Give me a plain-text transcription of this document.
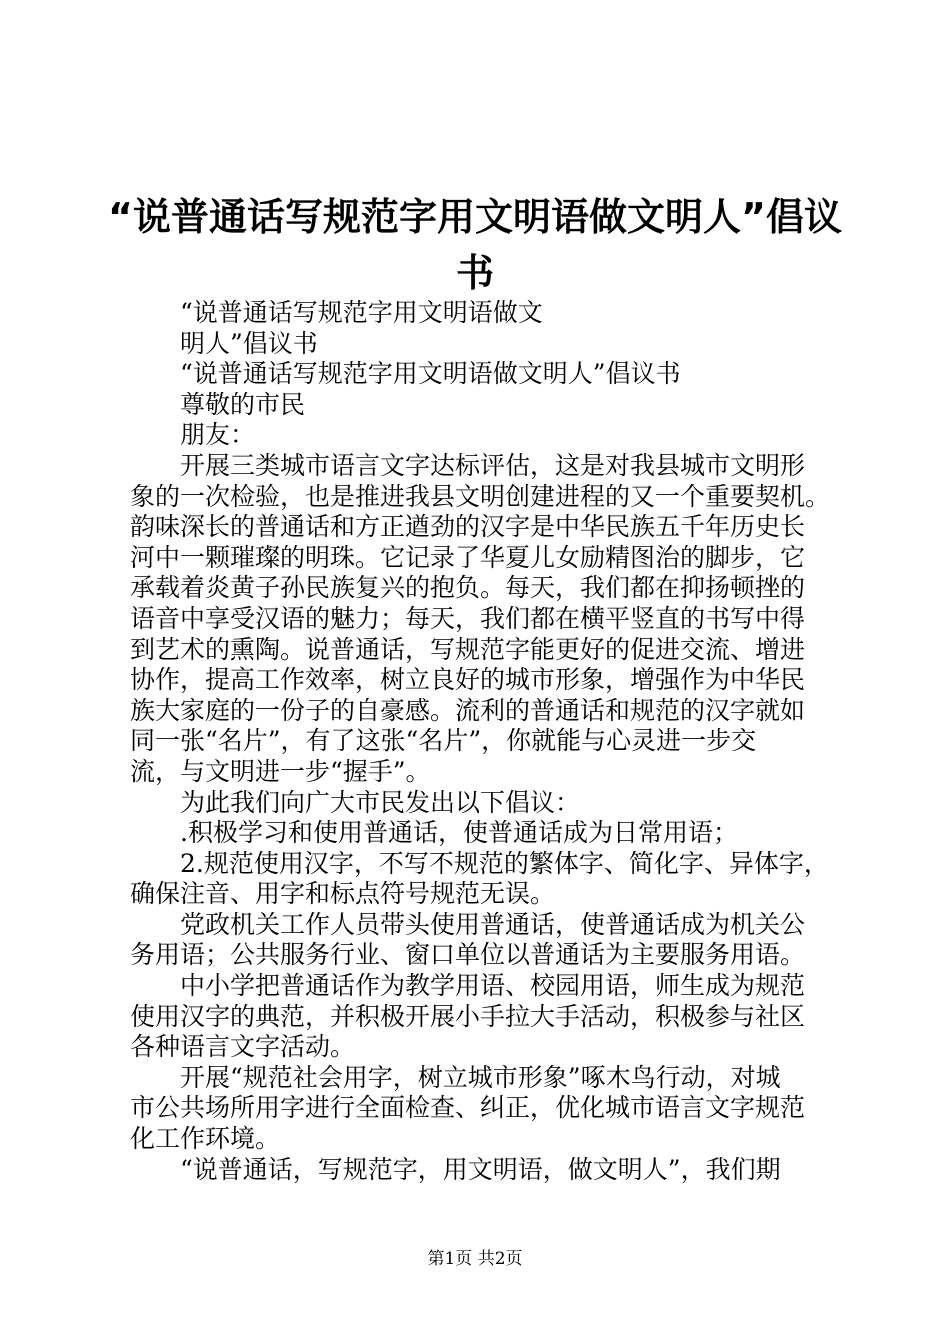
“说普通话写规范字用文明语做文明人”倡议
书
“说普通话写规范字用文明语做文
明人”倡议书
“说普通话写规范字用文明语做文明人”倡议书
尊敬的市民
朋友：
开展三类城市语言文字达标评估，这是对我县城市文明形
象的一次检验，也是推进我县文明创建进程的又一个重要契机。
韵味深长的普通话和方正遒劲的汉字是中华民族五千年历史长
河中一颗璀璨的明珠。它记录了华夏儿女励精图治的脚步，它
承载着炎黄子孙民族复兴的抱负。每天，我们都在抑扬顿挫的
语音中享受汉语的魅力；每天，我们都在横平竖直的书写中得
到艺术的熏陶。说普通话，写规范字能更好的促进交流、增进
协作，提高工作效率，树立良好的城市形象，增强作为中华民
族大家庭的一份子的自豪感。流利的普通话和规范的汉字就如
同一张“名片”，有了这张“名片”，你就能与心灵进一步交
流，与文明进一步“握手”。
为此我们向广大市民发出以下倡议：
.积极学习和使用普通话，使普通话成为日常用语；
2.规范使用汉字，不写不规范的繁体字、简化字、异体字，
确保注音、用字和标点符号规范无误。
党政机关工作人员带头使用普通话，使普通话成为机关公
务用语；公共服务行业、窗口单位以普通话为主要服务用语。
中小学把普通话作为教学用语、校园用语，师生成为规范
使用汉字的典范，并积极开展小手拉大手活动，积极参与社区
各种语言文字活动。
开展“规范社会用字，树立城市形象”啄木鸟行动，对城
市公共场所用字进行全面检查、纠正，优化城市语言文字规范
化工作环境。
“说普通话，写规范字，用文明语，做文明人”，我们期
第1页 共2页
